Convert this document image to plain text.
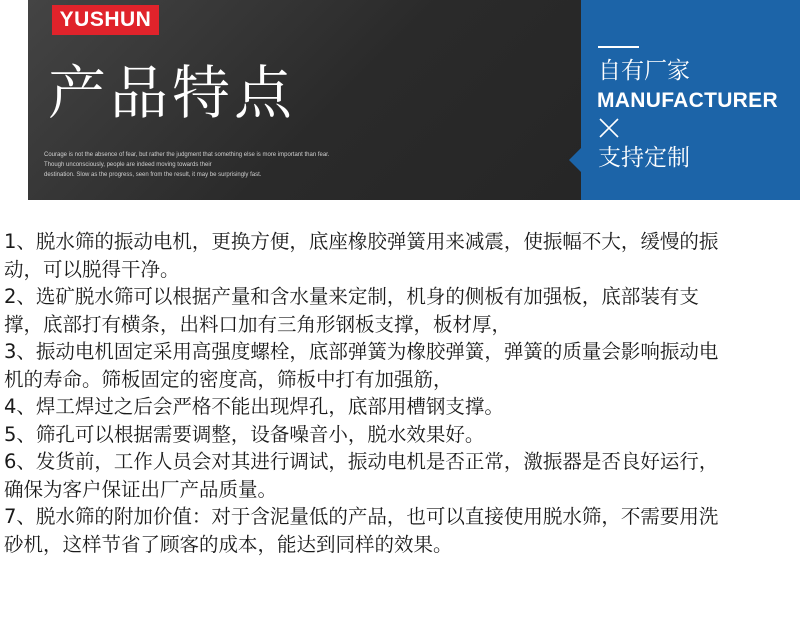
YUSHUN
产品特点
Courage is not the absence of fear, but rather the judgment that something else is more important than fear.
Though unconsciously, people are indeed moving towards their
destination. Slow as the progress, seen from the result, it may be surprisingly fast.
自有厂家
MANUFACTURER
支持定制
1、脱水筛的振动电机，更换方便，底座橡胶弹簧用来减震，使振幅不大，缓慢的振
动，可以脱得干净。
2、选矿脱水筛可以根据产量和含水量来定制，机身的侧板有加强板，底部装有支
撑，底部打有横条，出料口加有三角形钢板支撑，板材厚，
3、振动电机固定采用高强度螺栓，底部弹簧为橡胶弹簧，弹簧的质量会影响振动电
机的寿命。筛板固定的密度高，筛板中打有加强筋，
4、焊工焊过之后会严格不能出现焊孔，底部用槽钢支撑。
5、筛孔可以根据需要调整，设备噪音小，脱水效果好。
6、发货前，工作人员会对其进行调试，振动电机是否正常，激振器是否良好运行，
确保为客户保证出厂产品质量。
7、脱水筛的附加价值：对于含泥量低的产品，也可以直接使用脱水筛，不需要用洗
砂机，这样节省了顾客的成本，能达到同样的效果。
